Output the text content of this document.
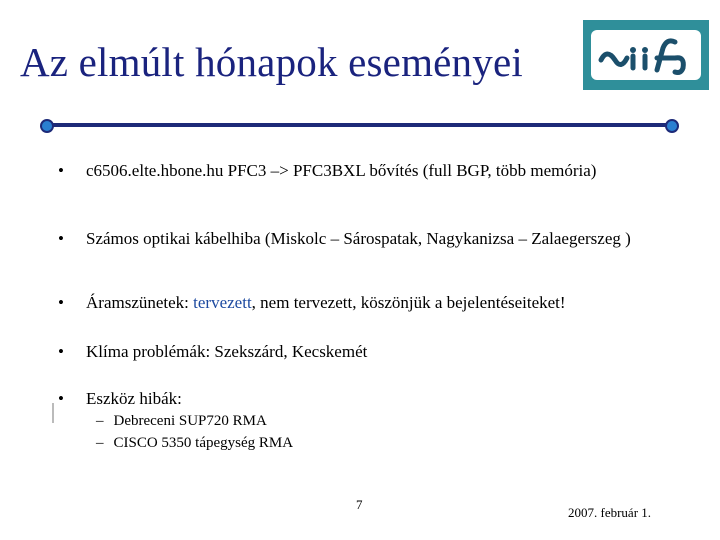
Az elmúlt hónapok eseményei
•	c6506.elte.hbone.hu PFC3 –> PFC3BXL bővítés (full BGP, több memória)
•	Számos optikai kábelhiba (Miskolc – Sárospatak, Nagykanizsa – Zalaegerszeg )
•	Áramszünetek: tervezett, nem tervezett, köszönjük a bejelentéseiteket!
•	Klíma problémák: Szekszárd, Kecskemét
•	Eszköz hibák:
– Debreceni SUP720 RMA
– CISCO 5350 tápegység RMA
7
2007. február 1.
